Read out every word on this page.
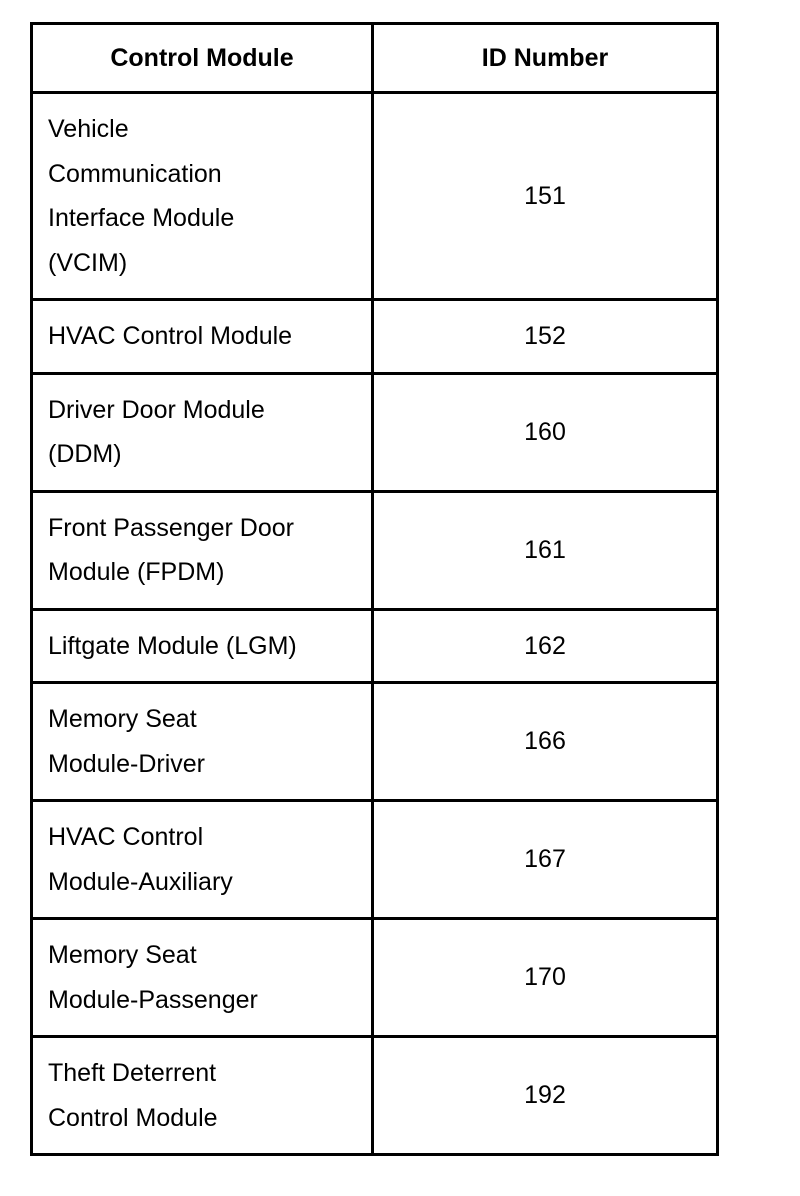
Control Module	ID Number

Vehicle Communication Interface Module (VCIM)	151

HVAC Control Module	152

Driver Door Module (DDM)	160

Front Passenger Door Module (FPDM)	161

Liftgate Module (LGM)	162

Memory Seat Module-Driver	166

HVAC Control Module-Auxiliary	167

Memory Seat Module-Passenger	170

Theft Deterrent Control Module	192
